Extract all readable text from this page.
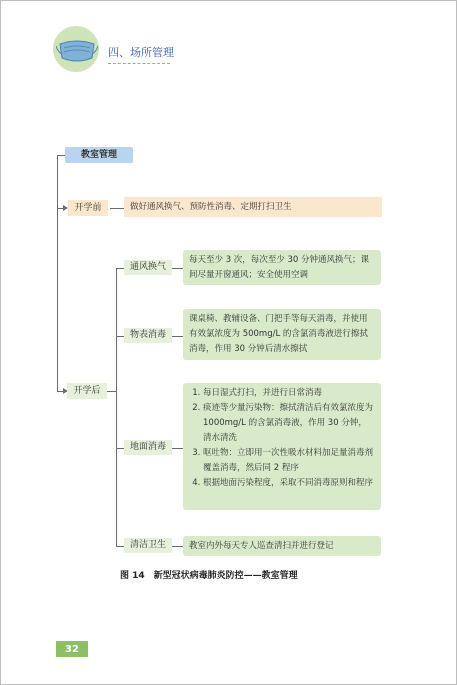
四、场所管理
教室管理
开学前	做好通风换气、预防性消毒、定期打扫卫生
开学后
通风换气
每天至少 3 次，每次至少 30 分钟通风换气；课间尽量开窗通风；安全使用空调
物表消毒
课桌椅、教辅设备、门把手等每天消毒，并使用有效氯浓度为 500mg/L 的含氯消毒液进行擦拭消毒，作用 30 分钟后清水擦拭
地面消毒
1. 每日湿式打扫，并进行日常消毒
2. 痰迹等少量污染物：擦拭清洁后有效氯浓度为 1000mg/L 的含氯消毒液，作用 30 分钟，清水清洗
3. 呕吐物：立即用一次性吸水材料加足量消毒剂覆盖消毒，然后同 2 程序
4. 根据地面污染程度，采取不同消毒原则和程序
清洁卫生	教室内外每天专人巡查清扫并进行登记
图 14　新型冠状病毒肺炎防控——教室管理
32
